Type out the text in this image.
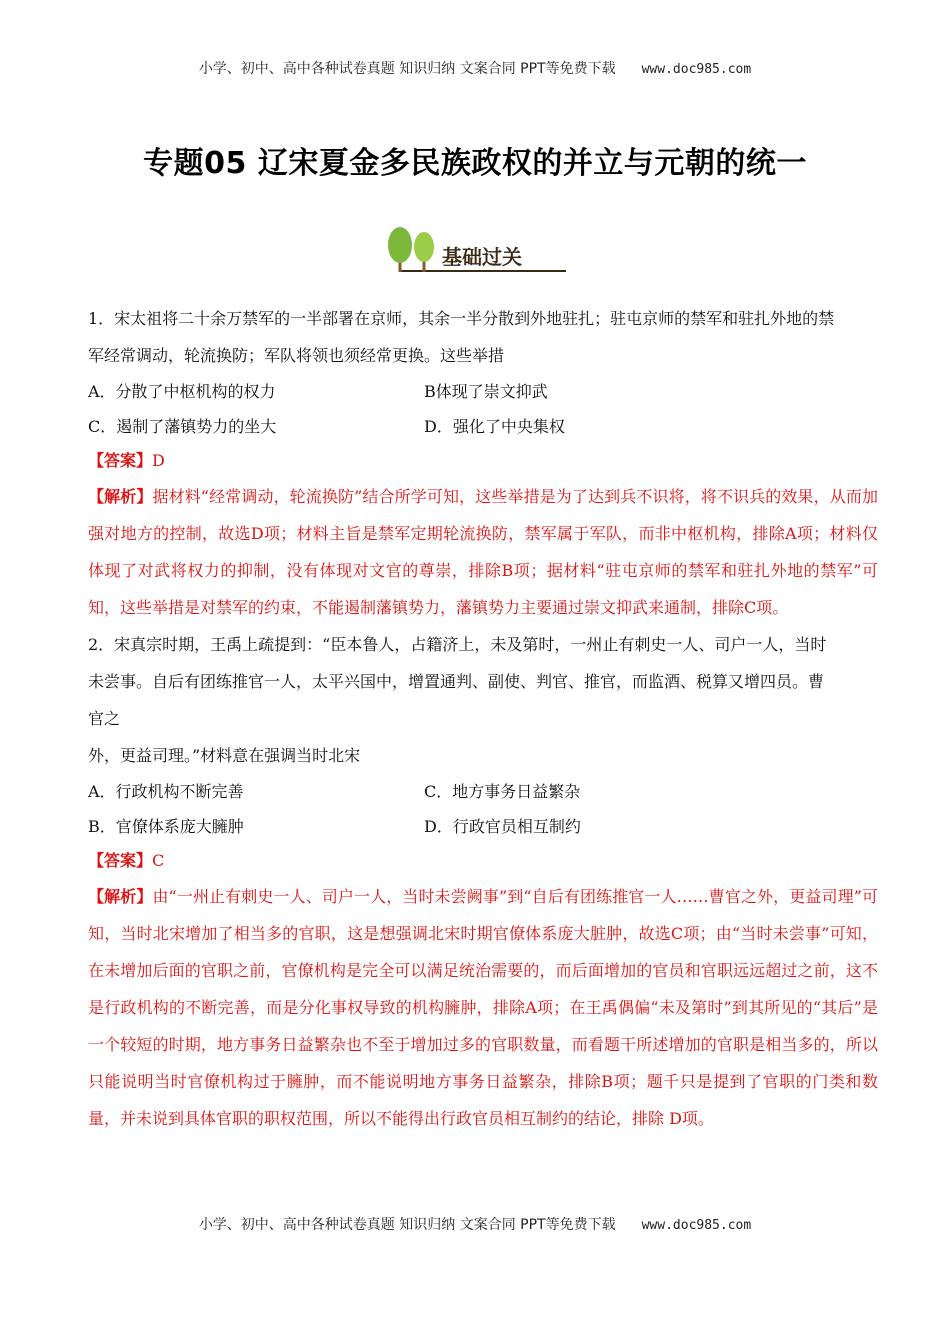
小学、初中、高中各种试卷真题 知识归纳 文案合同 PPT等免费下载 www.doc985.com
专题05 辽宋夏金多民族政权的并立与元朝的统一
基础过关
1．宋太祖将二十余万禁军的一半部署在京师，其余一半分散到外地驻扎；驻屯京师的禁军和驻扎外地的禁
军经常调动，轮流换防；军队将领也须经常更换。这些举措
A．分散了中枢机构的权力	B体现了崇文抑武
C．遏制了藩镇势力的坐大	D．强化了中央集权
【答案】D
【解析】据材料“经常调动，轮流换防”结合所学可知，这些举措是为了达到兵不识将，将不识兵的效果，从而加强对地方的控制，故选D项；材料主旨是禁军定期轮流换防，禁军属于军队，而非中枢机构，排除A项；材料仅体现了对武将权力的抑制，没有体现对文官的尊崇，排除B项；据材料“驻屯京师的禁军和驻扎外地的禁军”可知，这些举措是对禁军的约束，不能遏制藩镇势力，藩镇势力主要通过崇文抑武来通制，排除C项。
2．宋真宗时期，王禹上疏提到：“臣本鲁人，占籍济上，未及第时，一州止有刺史一人、司户一人，当时
未尝事。自后有团练推官一人，太平兴国中，增置通判、副使、判官、推官，而监酒、税算又增四员。曹
官之
外，更益司理。”材料意在强调当时北宋
A．行政机构不断完善	C．地方事务日益繁杂
B．官僚体系庞大臃肿	D．行政官员相互制约
【答案】C
【解析】由“一州止有刺史一人、司户一人，当时未尝阙事”到“自后有团练推官一人……曹官之外，更益司理”可知，当时北宋增加了相当多的官职，这是想强调北宋时期官僚体系庞大脏肿，故选C项；由“当时未尝事”可知，在未增加后面的官职之前，官僚机构是完全可以满足统治需要的，而后面增加的官员和官职远远超过之前，这不是行政机构的不断完善，而是分化事权导致的机构臃肿，排除A项；在王禹偶偏“未及第时”到其所见的“其后”是一个较短的时期，地方事务日益繁杂也不至于增加过多的官职数量，而看题干所述增加的官职是相当多的，所以只能说明当时官僚机构过于臃肿，而不能说明地方事务日益繁杂，排除B项；题千只是提到了官职的门类和数量，并未说到具体官职的职权范围，所以不能得出行政官员相互制约的结论，排除 D项。
小学、初中、高中各种试卷真题 知识归纳 文案合同 PPT等免费下载 www.doc985.com
